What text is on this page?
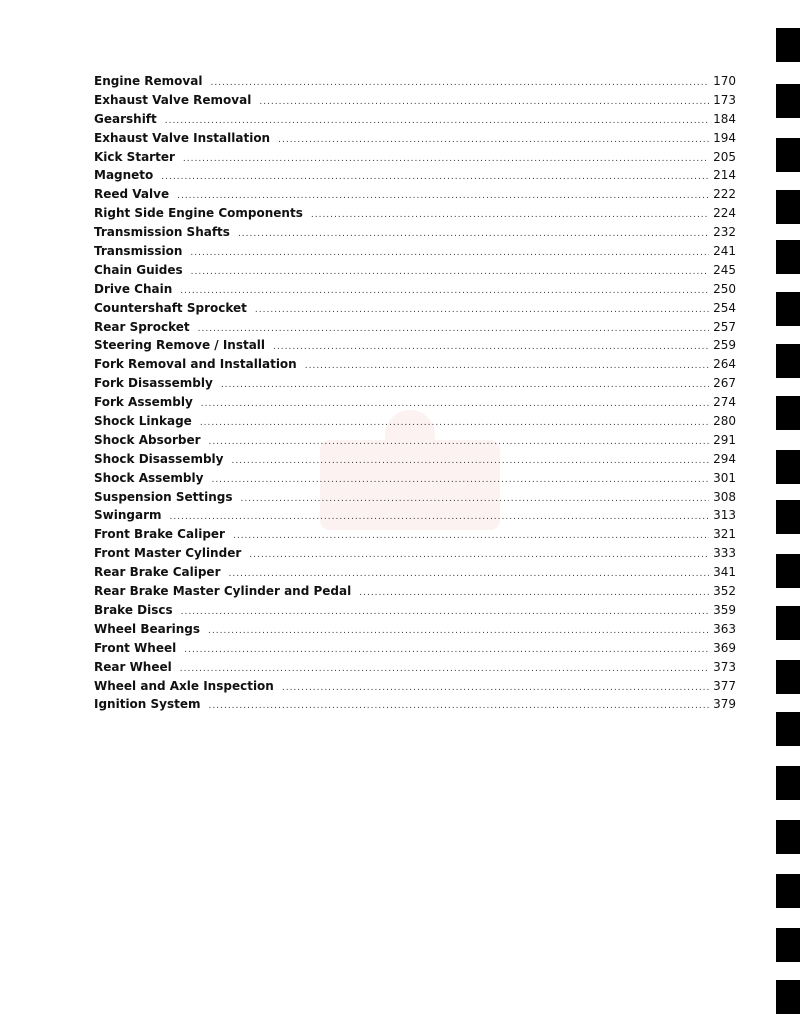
Engine Removal .....	170
Exhaust Valve Removal .....	173
Gearshift .....	184
Exhaust Valve Installation .....	194
Kick Starter .....	205
Magneto .....	214
Reed Valve .....	222
Right Side Engine Components .....	224
Transmission Shafts .....	232
Transmission .....	241
Chain Guides .....	245
Drive Chain .....	250
Countershaft Sprocket .....	254
Rear Sprocket .....	257
Steering Remove / Install .....	259
Fork Removal and Installation .....	264
Fork Disassembly .....	267
Fork Assembly .....	274
Shock Linkage .....	280
Shock Absorber .....	291
Shock Disassembly .....	294
Shock Assembly .....	301
Suspension Settings .....	308
Swingarm .....	313
Front Brake Caliper .....	321
Front Master Cylinder .....	333
Rear Brake Caliper .....	341
Rear Brake Master Cylinder and Pedal .....	352
Brake Discs .....	359
Wheel Bearings .....	363
Front Wheel .....	369
Rear Wheel .....	373
Wheel and Axle Inspection .....	377
Ignition System .....	379
